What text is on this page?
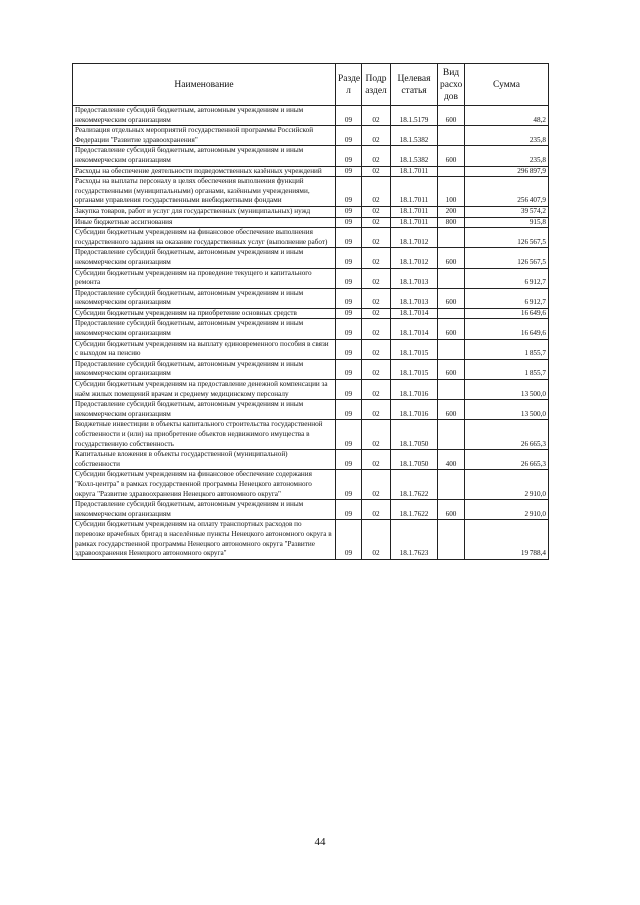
Наименование	Разде л	Подр аздел	Целевая статья	Вид расхо дов	Сумма
Предоставление субсидий бюджетным, автономным учреждениям и иным некоммерческим организациям	09	02	18.1.5179	600	48,2
Реализация отдельных мероприятий государственной программы Российской Федерации "Развитие здравоохранения"	09	02	18.1.5382		235,8
Предоставление субсидий бюджетным, автономным учреждениям и иным некоммерческим организациям	09	02	18.1.5382	600	235,8
Расходы на обеспечение деятельности подведомственных казённых учреждений	09	02	18.1.7011		296 897,9
Расходы на выплаты персоналу в целях обеспечения выполнения функций государственными (муниципальными) органами, казёнными учреждениями, органами управления государственными внебюджетными фондами	09	02	18.1.7011	100	256 407,9
Закупка товаров, работ и услуг для государственных (муниципальных) нужд	09	02	18.1.7011	200	39 574,2
Иные бюджетные ассигнования	09	02	18.1.7011	800	915,8
Субсидии бюджетным учреждениям на финансовое обеспечение выполнения государственного задания на оказание государственных услуг (выполнение работ)	09	02	18.1.7012		126 567,5
Предоставление субсидий бюджетным, автономным учреждениям и иным некоммерческим организациям	09	02	18.1.7012	600	126 567,5
Субсидии бюджетным учреждениям на проведение текущего и капитального ремонта	09	02	18.1.7013		6 912,7
Предоставление субсидий бюджетным, автономным учреждениям и иным некоммерческим организациям	09	02	18.1.7013	600	6 912,7
Субсидии бюджетным учреждениям на приобретение основных средств	09	02	18.1.7014		16 649,6
Предоставление субсидий бюджетным, автономным учреждениям и иным некоммерческим организациям	09	02	18.1.7014	600	16 649,6
Субсидии бюджетным учреждениям на выплату единовременного пособия в связи с выходом на пенсию	09	02	18.1.7015		1 855,7
Предоставление субсидий бюджетным, автономным учреждениям и иным некоммерческим организациям	09	02	18.1.7015	600	1 855,7
Субсидии бюджетным учреждениям на предоставление денежной компенсации за наём жилых помещений врачам и среднему медицинскому персоналу	09	02	18.1.7016		13 500,0
Предоставление субсидий бюджетным, автономным учреждениям и иным некоммерческим организациям	09	02	18.1.7016	600	13 500,0
Бюджетные инвестиции в объекты капитального строительства государственной собственности и (или) на приобретение объектов недвижимого имущества в государственную собственность	09	02	18.1.7050		26 665,3
Капитальные вложения в объекты государственной (муниципальной) собственности	09	02	18.1.7050	400	26 665,3
Субсидии бюджетным учреждениям на финансовое обеспечение содержания "Колл-центра" в рамках государственной программы Ненецкого автономного округа "Развитие здравоохранения Ненецкого автономного округа"	09	02	18.1.7622		2 910,0
Предоставление субсидий бюджетным, автономным учреждениям и иным некоммерческим организациям	09	02	18.1.7622	600	2 910,0
Субсидии бюджетным учреждениям на оплату транспортных расходов по перевозке врачебных бригад в населённые пункты Ненецкого автономного округа в рамках государственной программы Ненецкого автономного округа "Развитие здравоохранения Ненецкого автономного округа"	09	02	18.1.7623		19 788,4
44
